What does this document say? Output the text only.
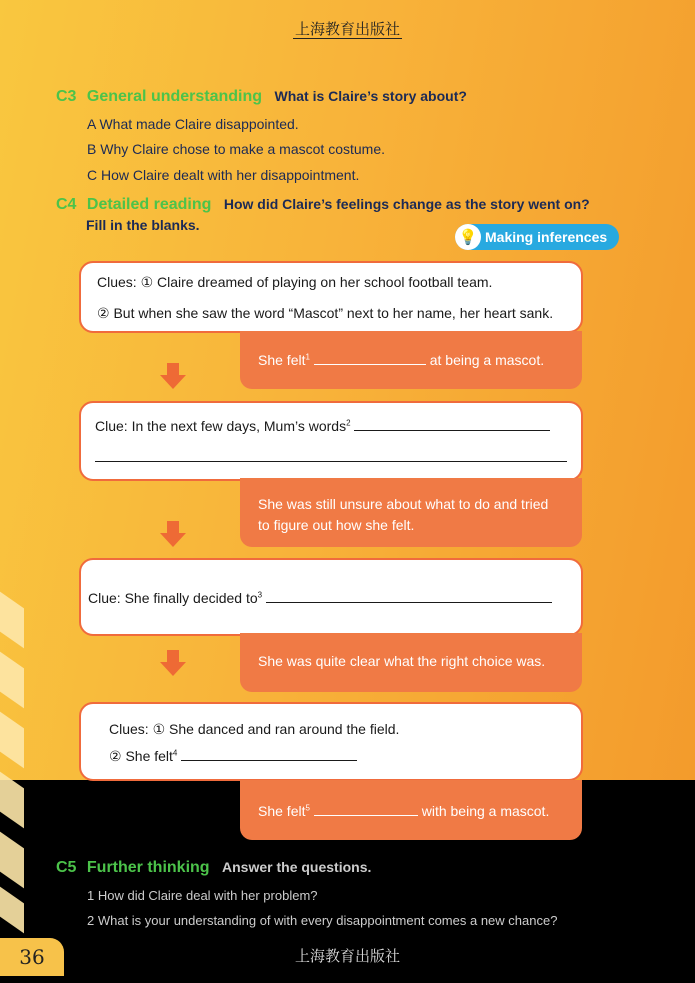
上海教育出版社
C3 General understanding What is Claire’s story about?
A What made Claire disappointed.
B Why Claire chose to make a mascot costume.
C How Claire dealt with her disappointment.
C4 Detailed reading How did Claire’s feelings change as the story went on?
Fill in the blanks.
💡 Making inferences
Clues: ① Claire dreamed of playing on her school football team.
② But when she saw the word “Mascot” next to her name, her heart sank.
She felt$^1$	at being a mascot.
Clue: In the next few days, Mum’s words$^2$
She was still unsure about what to do and tried
to figure out how she felt.
Clue: She finally decided $to^3$
She was quite clear what the right choice was.
Clues: ① She danced and ran around the field.
② She felt$^4$
She felt$^5$	with being a mascot.
C5 Further thinking Answer the questions.
1 How did Claire deal with her problem?
2 What is your understanding of with every disappointment comes a new chance?
36	上海教育出版社
